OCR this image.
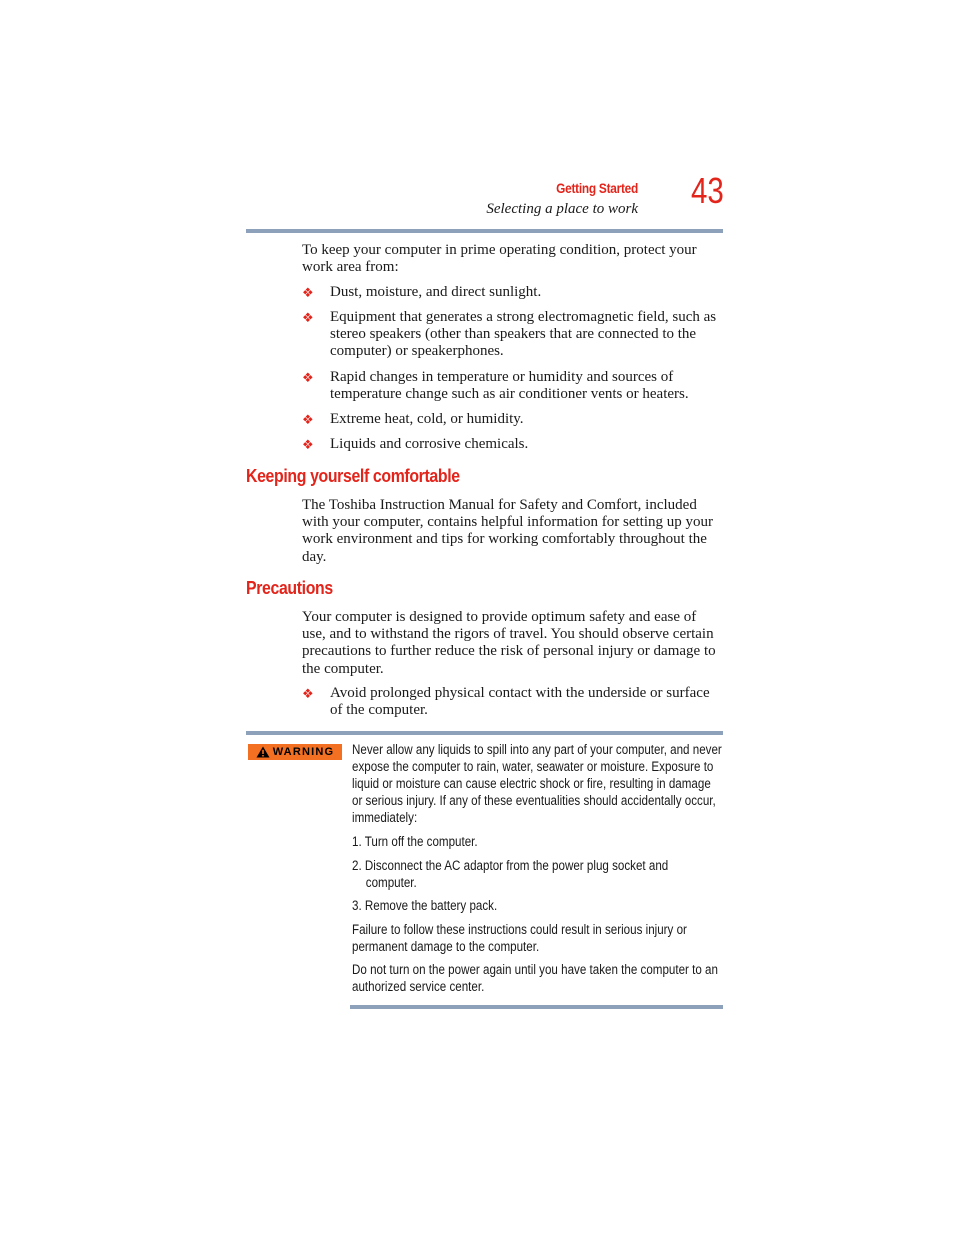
Getting Started
Selecting a place to work 43
To keep your computer in prime operating condition, protect your work area from:
❖ Dust, moisture, and direct sunlight.
❖ Equipment that generates a strong electromagnetic field, such as stereo speakers (other than speakers that are connected to the computer) or speakerphones.
❖ Rapid changes in temperature or humidity and sources of temperature change such as air conditioner vents or heaters.
❖ Extreme heat, cold, or humidity.
❖ Liquids and corrosive chemicals.
Keeping yourself comfortable
The Toshiba Instruction Manual for Safety and Comfort, included with your computer, contains helpful information for setting up your work environment and tips for working comfortably throughout the day.
Precautions
Your computer is designed to provide optimum safety and ease of use, and to withstand the rigors of travel. You should observe certain precautions to further reduce the risk of personal injury or damage to the computer.
❖ Avoid prolonged physical contact with the underside or surface of the computer.
WARNING Never allow any liquids to spill into any part of your computer, and never expose the computer to rain, water, seawater or moisture. Exposure to liquid or moisture can cause electric shock or fire, resulting in damage or serious injury. If any of these eventualities should accidentally occur, immediately:
1. Turn off the computer.
2. Disconnect the AC adaptor from the power plug socket and computer.
3. Remove the battery pack.
Failure to follow these instructions could result in serious injury or permanent damage to the computer.
Do not turn on the power again until you have taken the computer to an authorized service center.
